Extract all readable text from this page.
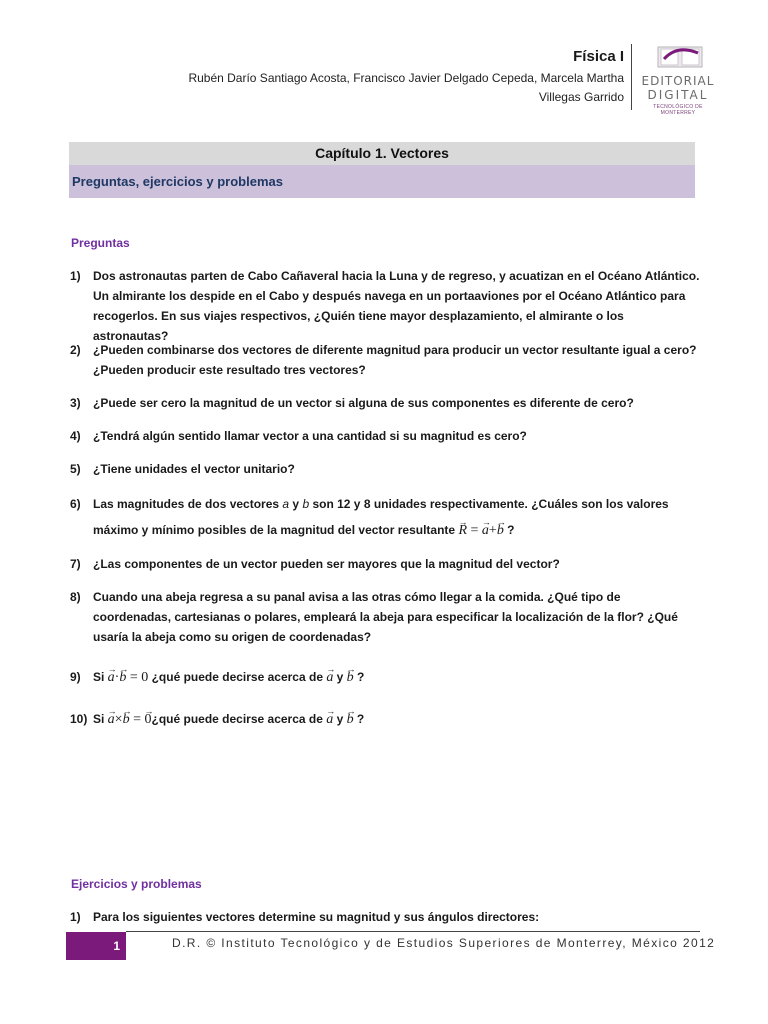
Física I
Rubén Darío Santiago Acosta, Francisco Javier Delgado Cepeda, Marcela Martha
Villegas Garrido
EDITORIAL
DIGITAL
TECNOLÓGICO DE MONTERREY
Capítulo 1. Vectores
Preguntas, ejercicios y problemas
Preguntas
1)	Dos astronautas parten de Cabo Cañaveral hacia la Luna y de regreso, y acuatizan en el Océano Atlántico. Un almirante los despide en el Cabo y después navega en un portaaviones por el Océano Atlántico para recogerlos. En sus viajes respectivos, ¿Quién tiene mayor desplazamiento, el almirante o los astronautas?
2)	¿Pueden combinarse dos vectores de diferente magnitud para producir un vector resultante igual a cero? ¿Pueden producir este resultado tres vectores?
3)	¿Puede ser cero la magnitud de un vector si alguna de sus componentes es diferente de cero?
4)	¿Tendrá algún sentido llamar vector a una cantidad si su magnitud es cero?
5)	¿Tiene unidades el vector unitario?
6)	Las magnitudes de dos vectores a y b son 12 y 8 unidades respectivamente. ¿Cuáles son los valores máximo y mínimo posibles de la magnitud del vector resultante → R = → a+→ b ?
7)	¿Las componentes de un vector pueden ser mayores que la magnitud del vector?
8)	Cuando una abeja regresa a su panal avisa a las otras cómo llegar a la comida. ¿Qué tipo de coordenadas, cartesianas o polares, empleará la abeja para especificar la localización de la flor? ¿Qué usaría la abeja como su origen de coordenadas?
9)	Si → a·→ b = 0 ¿qué puede decirse acerca de → a y → b ?
10) Si → a×→ b = → 0¿qué puede decirse acerca de → a y → b ?
Ejercicios y problemas
1)	Para los siguientes vectores determine su magnitud y sus ángulos directores:
1	D.R. © Instituto Tecnológico y de Estudios Superiores de Monterrey, México 2012
